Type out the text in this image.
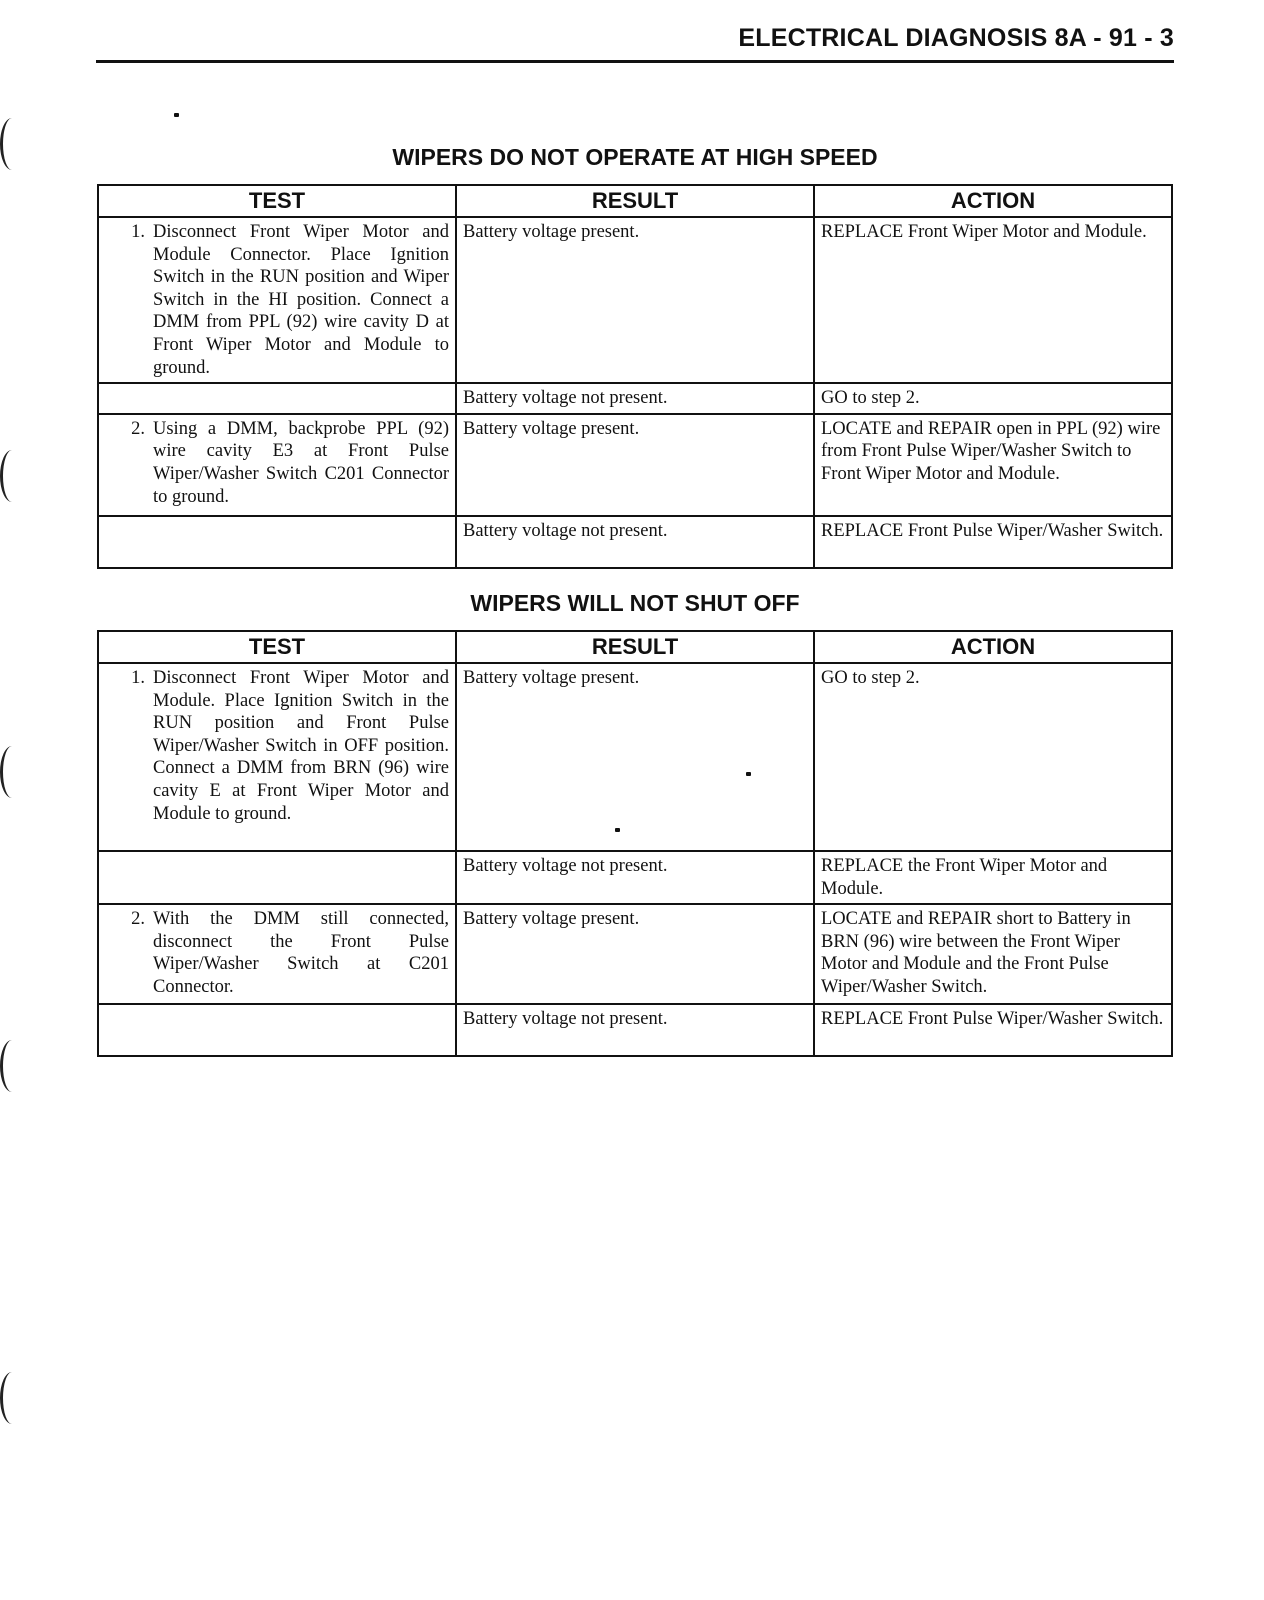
ELECTRICAL DIAGNOSIS 8A - 91 - 3
WIPERS DO NOT OPERATE AT HIGH SPEED
TEST	RESULT	ACTION

1. Disconnect Front Wiper Motor and Module Connector. Place Ignition Switch in the RUN position and Wiper Switch in the HI position. Connect a DMM from PPL (92) wire cavity D at Front Wiper Motor and Module to ground.	Battery voltage present.	REPLACE Front Wiper Motor and Module.

	Battery voltage not present.	GO to step 2.

2. Using a DMM, backprobe PPL (92) wire cavity E3 at Front Pulse Wiper/Washer Switch C201 Connector to ground.	Battery voltage present.	LOCATE and REPAIR open in PPL (92) wire from Front Pulse Wiper/Washer Switch to Front Wiper Motor and Module.

	Battery voltage not present.	REPLACE Front Pulse Wiper/Washer Switch.
WIPERS WILL NOT SHUT OFF
TEST	RESULT	ACTION

1. Disconnect Front Wiper Motor and Module. Place Ignition Switch in the RUN position and Front Pulse Wiper/Washer Switch in OFF position. Connect a DMM from BRN (96) wire cavity E at Front Wiper Motor and Module to ground.	Battery voltage present.	GO to step 2.

	Battery voltage not present.	REPLACE the Front Wiper Motor and Module.

2. With the DMM still connected, disconnect the Front Pulse Wiper/Washer Switch at C201 Connector.	Battery voltage present.	LOCATE and REPAIR short to Battery in BRN (96) wire between the Front Wiper Motor and Module and the Front Pulse Wiper/Washer Switch.

	Battery voltage not present.	REPLACE Front Pulse Wiper/Washer Switch.
